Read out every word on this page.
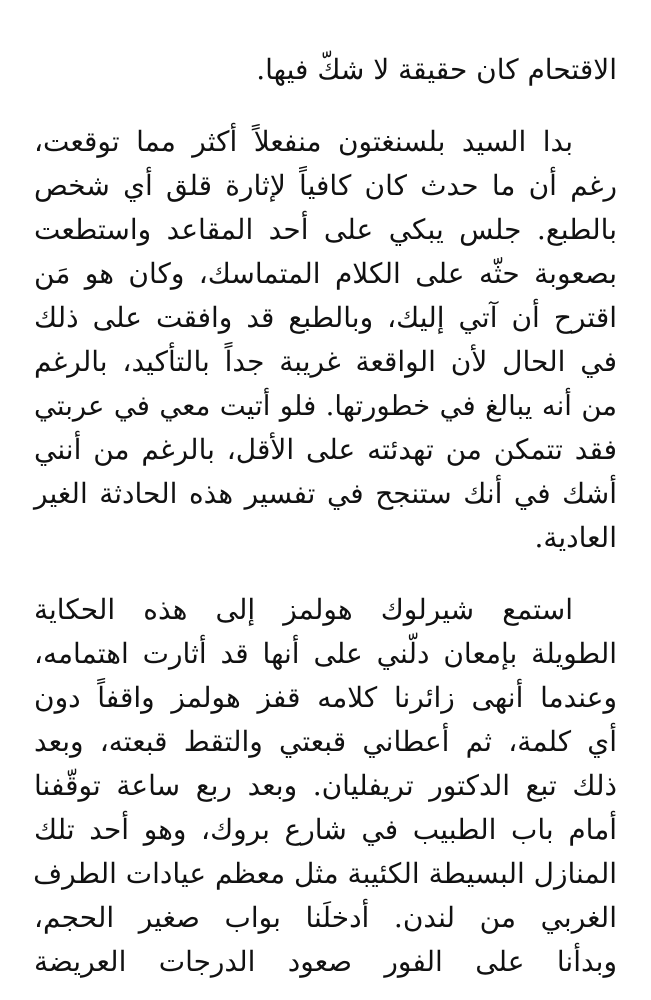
الاقتحام كان حقيقة لا شكّ فيها.
بدا السيد بلسنغتون منفعلاً أكثر مما توقعت،
رغم أن ما حدث كان كافياً لإثارة قلق أي شخص
بالطبع. جلس يبكي على أحد المقاعد واستطعت
بصعوبة حثّه على الكلام المتماسك، وكان هو مَن
اقترح أن آتي إليك، وبالطبع قد وافقت على ذلك
في الحال لأن الواقعة غريبة جداً بالتأكيد، بالرغم
من أنه يبالغ في خطورتها. فلو أتيت معي في عربتي
فقد تتمكن من تهدئته على الأقل، بالرغم من أنني
أشك في أنك ستنجح في تفسير هذه الحادثة الغير
العادية.
استمع شيرلوك هولمز إلى هذه الحكاية
الطويلة بإمعان دلّني على أنها قد أثارت اهتمامه،
وعندما أنهى زائرنا كلامه قفز هولمز واقفاً دون
أي كلمة، ثم أعطاني قبعتي والتقط قبعته، وبعد
ذلك تبع الدكتور تريفليان. وبعد ربع ساعة توقّفنا
أمام باب الطبيب في شارع بروك، وهو أحد تلك
المنازل البسيطة الكئيبة مثل معظم عيادات الطرف
الغربي من لندن. أدخلَنا بواب صغير الحجم،
وبدأنا على الفور صعود الدرجات العريضة
